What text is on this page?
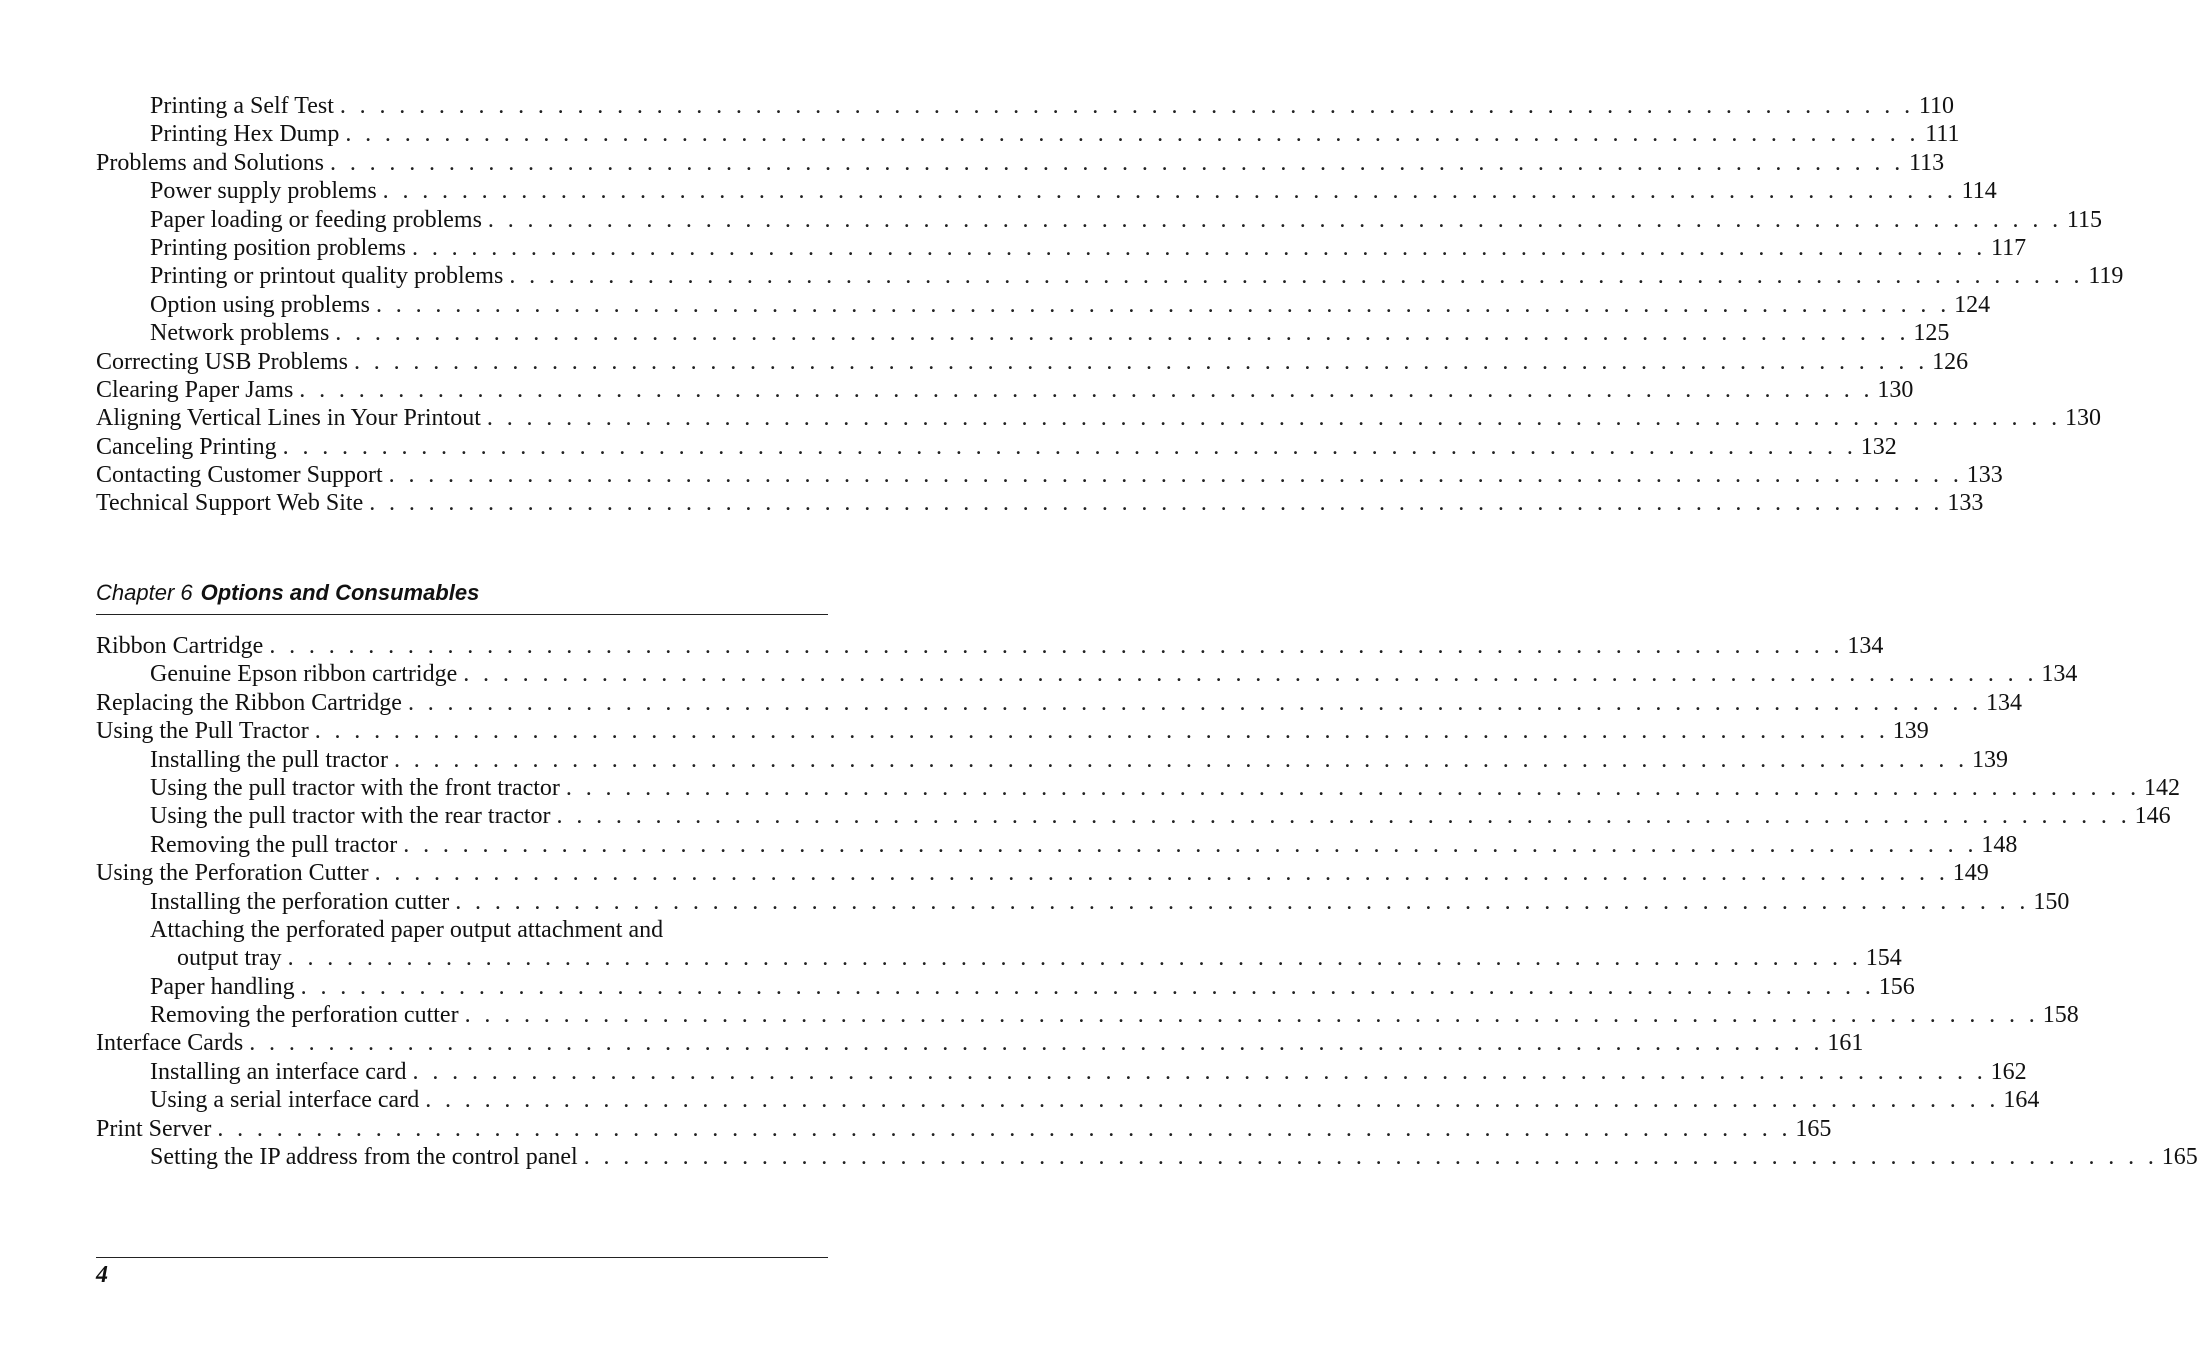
Printing a Self Test . . . . . . . . . . . . . . . . . . . . . . . . . . . . . . . . . . . . . . . . . . . . . . . . . . . . . . . . . . . . . . . . . . . . . . . . . . . . . . . . 110
Printing Hex Dump . . . . . . . . . . . . . . . . . . . . . . . . . . . . . . . . . . . . . . . . . . . . . . . . . . . . . . . . . . . . . . . . . . . . . . . . . . . . . . . . 111
Problems and Solutions . . . . . . . . . . . . . . . . . . . . . . . . . . . . . . . . . . . . . . . . . . . . . . . . . . . . . . . . . . . . . . . . . . . . . . . . . . . . . . . . 113
Power supply problems . . . . . . . . . . . . . . . . . . . . . . . . . . . . . . . . . . . . . . . . . . . . . . . . . . . . . . . . . . . . . . . . . . . . . . . . . . . . . . . . 114
Paper loading or feeding problems . . . . . . . . . . . . . . . . . . . . . . . . . . . . . . . . . . . . . . . . . . . . . . . . . . . . . . . . . . . . . . . . . . . . . . . . . . . . . . . . 115
Printing position problems . . . . . . . . . . . . . . . . . . . . . . . . . . . . . . . . . . . . . . . . . . . . . . . . . . . . . . . . . . . . . . . . . . . . . . . . . . . . . . . . 117
Printing or printout quality problems . . . . . . . . . . . . . . . . . . . . . . . . . . . . . . . . . . . . . . . . . . . . . . . . . . . . . . . . . . . . . . . . . . . . . . . . . . . . . . . . 119
Option using problems . . . . . . . . . . . . . . . . . . . . . . . . . . . . . . . . . . . . . . . . . . . . . . . . . . . . . . . . . . . . . . . . . . . . . . . . . . . . . . . . 124
Network problems . . . . . . . . . . . . . . . . . . . . . . . . . . . . . . . . . . . . . . . . . . . . . . . . . . . . . . . . . . . . . . . . . . . . . . . . . . . . . . . . 125
Correcting USB Problems . . . . . . . . . . . . . . . . . . . . . . . . . . . . . . . . . . . . . . . . . . . . . . . . . . . . . . . . . . . . . . . . . . . . . . . . . . . . . . . . 126
Clearing Paper Jams . . . . . . . . . . . . . . . . . . . . . . . . . . . . . . . . . . . . . . . . . . . . . . . . . . . . . . . . . . . . . . . . . . . . . . . . . . . . . . . . 130
Aligning Vertical Lines in Your Printout . . . . . . . . . . . . . . . . . . . . . . . . . . . . . . . . . . . . . . . . . . . . . . . . . . . . . . . . . . . . . . . . . . . . . . . . . . . . . . . . 130
Canceling Printing . . . . . . . . . . . . . . . . . . . . . . . . . . . . . . . . . . . . . . . . . . . . . . . . . . . . . . . . . . . . . . . . . . . . . . . . . . . . . . . . 132
Contacting Customer Support . . . . . . . . . . . . . . . . . . . . . . . . . . . . . . . . . . . . . . . . . . . . . . . . . . . . . . . . . . . . . . . . . . . . . . . . . . . . . . . . 133
Technical Support Web Site . . . . . . . . . . . . . . . . . . . . . . . . . . . . . . . . . . . . . . . . . . . . . . . . . . . . . . . . . . . . . . . . . . . . . . . . . . . . . . . . 133
Chapter 6 Options and Consumables
Ribbon Cartridge . . . . . . . . . . . . . . . . . . . . . . . . . . . . . . . . . . . . . . . . . . . . . . . . . . . . . . . . . . . . . . . . . . . . . . . . . . . . . . . . 134
Genuine Epson ribbon cartridge . . . . . . . . . . . . . . . . . . . . . . . . . . . . . . . . . . . . . . . . . . . . . . . . . . . . . . . . . . . . . . . . . . . . . . . . . . . . . . . . 134
Replacing the Ribbon Cartridge . . . . . . . . . . . . . . . . . . . . . . . . . . . . . . . . . . . . . . . . . . . . . . . . . . . . . . . . . . . . . . . . . . . . . . . . . . . . . . . . 134
Using the Pull Tractor . . . . . . . . . . . . . . . . . . . . . . . . . . . . . . . . . . . . . . . . . . . . . . . . . . . . . . . . . . . . . . . . . . . . . . . . . . . . . . . . 139
Installing the pull tractor . . . . . . . . . . . . . . . . . . . . . . . . . . . . . . . . . . . . . . . . . . . . . . . . . . . . . . . . . . . . . . . . . . . . . . . . . . . . . . . . 139
Using the pull tractor with the front tractor . . . . . . . . . . . . . . . . . . . . . . . . . . . . . . . . . . . . . . . . . . . . . . . . . . . . . . . . . . . . . . . . . . . . . . . . . . . . . . . . 142
Using the pull tractor with the rear tractor . . . . . . . . . . . . . . . . . . . . . . . . . . . . . . . . . . . . . . . . . . . . . . . . . . . . . . . . . . . . . . . . . . . . . . . . . . . . . . . . 146
Removing the pull tractor . . . . . . . . . . . . . . . . . . . . . . . . . . . . . . . . . . . . . . . . . . . . . . . . . . . . . . . . . . . . . . . . . . . . . . . . . . . . . . . . 148
Using the Perforation Cutter . . . . . . . . . . . . . . . . . . . . . . . . . . . . . . . . . . . . . . . . . . . . . . . . . . . . . . . . . . . . . . . . . . . . . . . . . . . . . . . . 149
Installing the perforation cutter . . . . . . . . . . . . . . . . . . . . . . . . . . . . . . . . . . . . . . . . . . . . . . . . . . . . . . . . . . . . . . . . . . . . . . . . . . . . . . . . 150
Attaching the perforated paper output attachment and
output tray . . . . . . . . . . . . . . . . . . . . . . . . . . . . . . . . . . . . . . . . . . . . . . . . . . . . . . . . . . . . . . . . . . . . . . . . . . . . . . . . 154
Paper handling . . . . . . . . . . . . . . . . . . . . . . . . . . . . . . . . . . . . . . . . . . . . . . . . . . . . . . . . . . . . . . . . . . . . . . . . . . . . . . . . 156
Removing the perforation cutter . . . . . . . . . . . . . . . . . . . . . . . . . . . . . . . . . . . . . . . . . . . . . . . . . . . . . . . . . . . . . . . . . . . . . . . . . . . . . . . . 158
Interface Cards . . . . . . . . . . . . . . . . . . . . . . . . . . . . . . . . . . . . . . . . . . . . . . . . . . . . . . . . . . . . . . . . . . . . . . . . . . . . . . . . 161
Installing an interface card . . . . . . . . . . . . . . . . . . . . . . . . . . . . . . . . . . . . . . . . . . . . . . . . . . . . . . . . . . . . . . . . . . . . . . . . . . . . . . . . 162
Using a serial interface card . . . . . . . . . . . . . . . . . . . . . . . . . . . . . . . . . . . . . . . . . . . . . . . . . . . . . . . . . . . . . . . . . . . . . . . . . . . . . . . . 164
Print Server . . . . . . . . . . . . . . . . . . . . . . . . . . . . . . . . . . . . . . . . . . . . . . . . . . . . . . . . . . . . . . . . . . . . . . . . . . . . . . . . 165
Setting the IP address from the control panel . . . . . . . . . . . . . . . . . . . . . . . . . . . . . . . . . . . . . . . . . . . . . . . . . . . . . . . . . . . . . . . . . . . . . . . . . . . . . . . . 165
4
